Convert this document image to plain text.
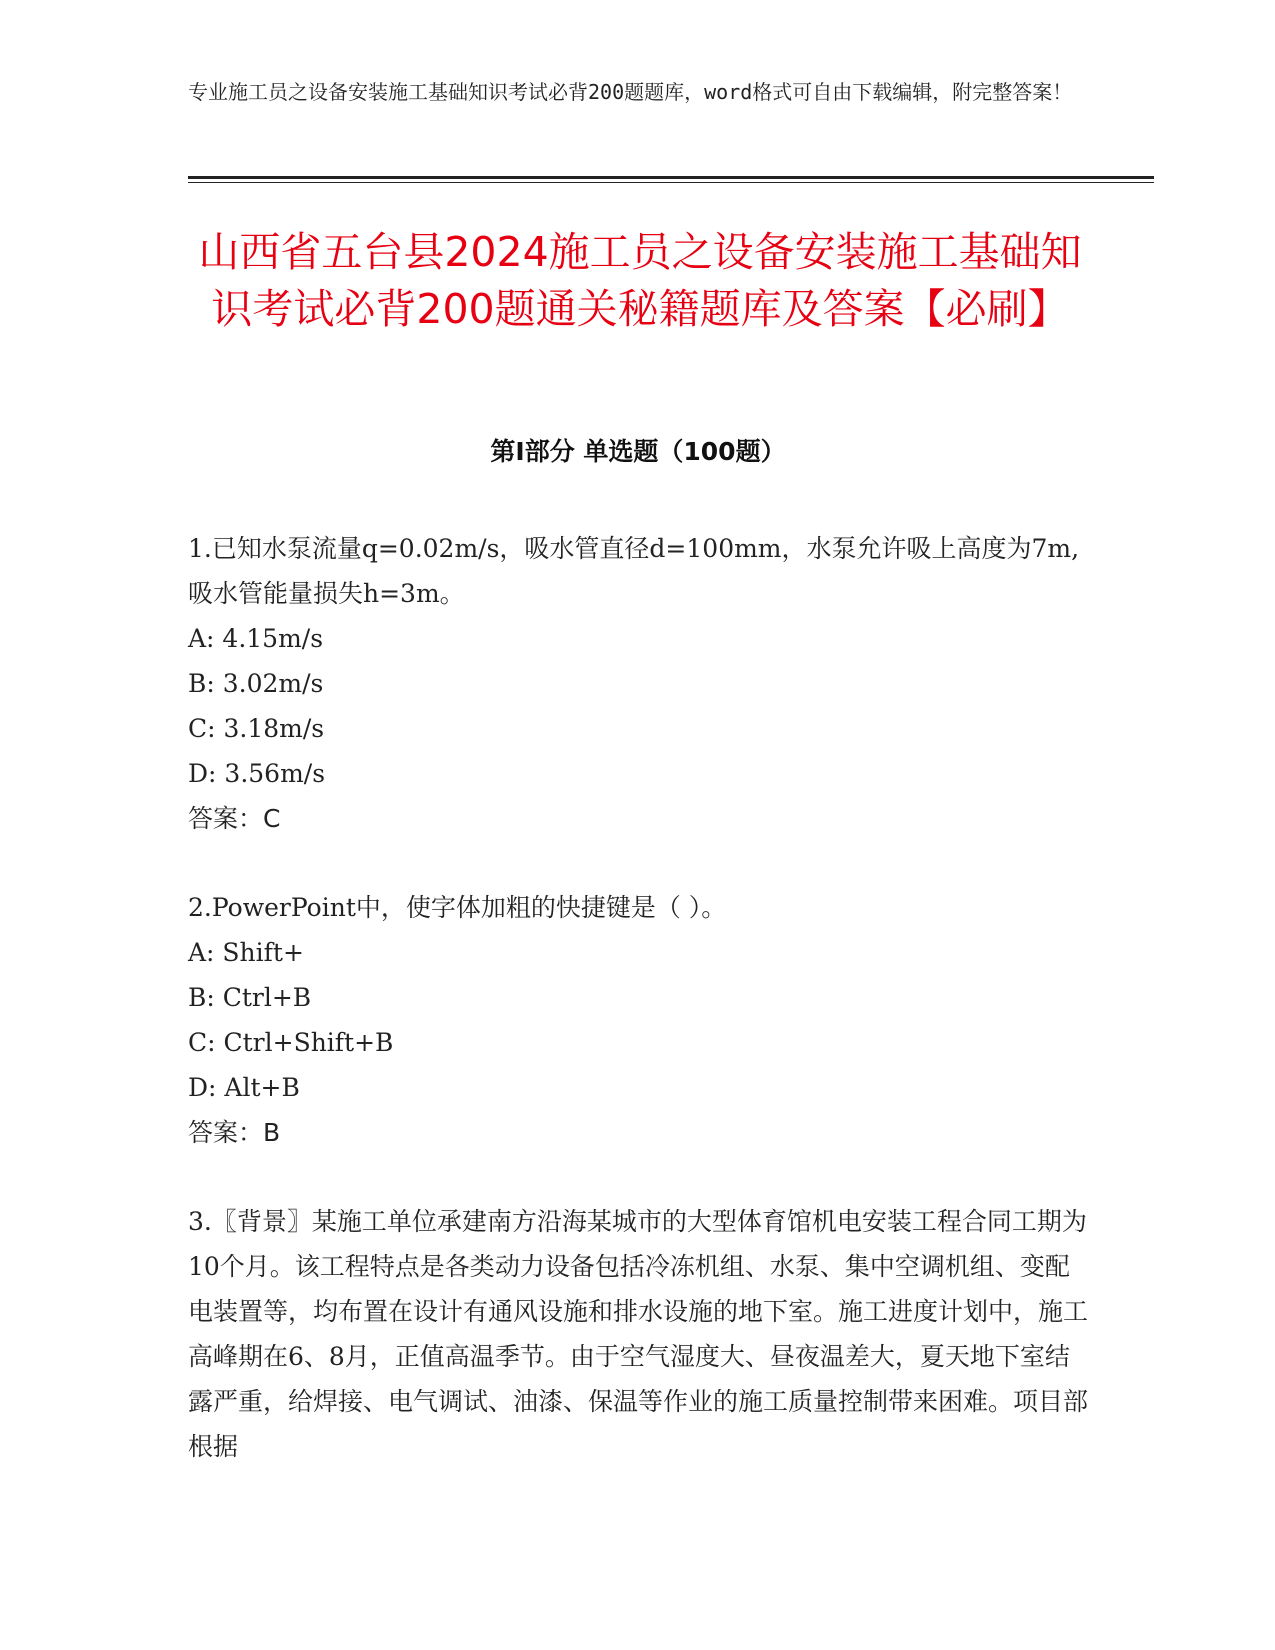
专业施工员之设备安装施工基础知识考试必背200题题库，word格式可自由下载编辑，附完整答案！
山西省五台县2024施工员之设备安装施工基础知识考试必背200题通关秘籍题库及答案【必刷】
第Ⅰ部分 单选题（100题）

1.已知水泵流量q=0.02m/s，吸水管直径d=100mm，水泵允许吸上高度为7m,吸水管能量损失h=3m。

A: 4.15m/s

B: 3.02m/s

C: 3.18m/s

D: 3.56m/s

答案：C

2.PowerPoint中，使字体加粗的快捷键是（ ）。

A: Shift+

B: Ctrl+B

C: Ctrl+Shift+B

D: Alt+B

答案：B

3.〖背景〗某施工单位承建南方沿海某城市的大型体育馆机电安装工程合同工期为10个月。该工程特点是各类动力设备包括冷冻机组、水泵、集中空调机组、变配电装置等，均布置在设计有通风设施和排水设施的地下室。施工进度计划中，施工高峰期在6、8月，正值高温季节。由于空气湿度大、昼夜温差大，夏天地下室结露严重，给焊接、电气调试、油漆、保温等作业的施工质量控制带来困难。项目部根据
